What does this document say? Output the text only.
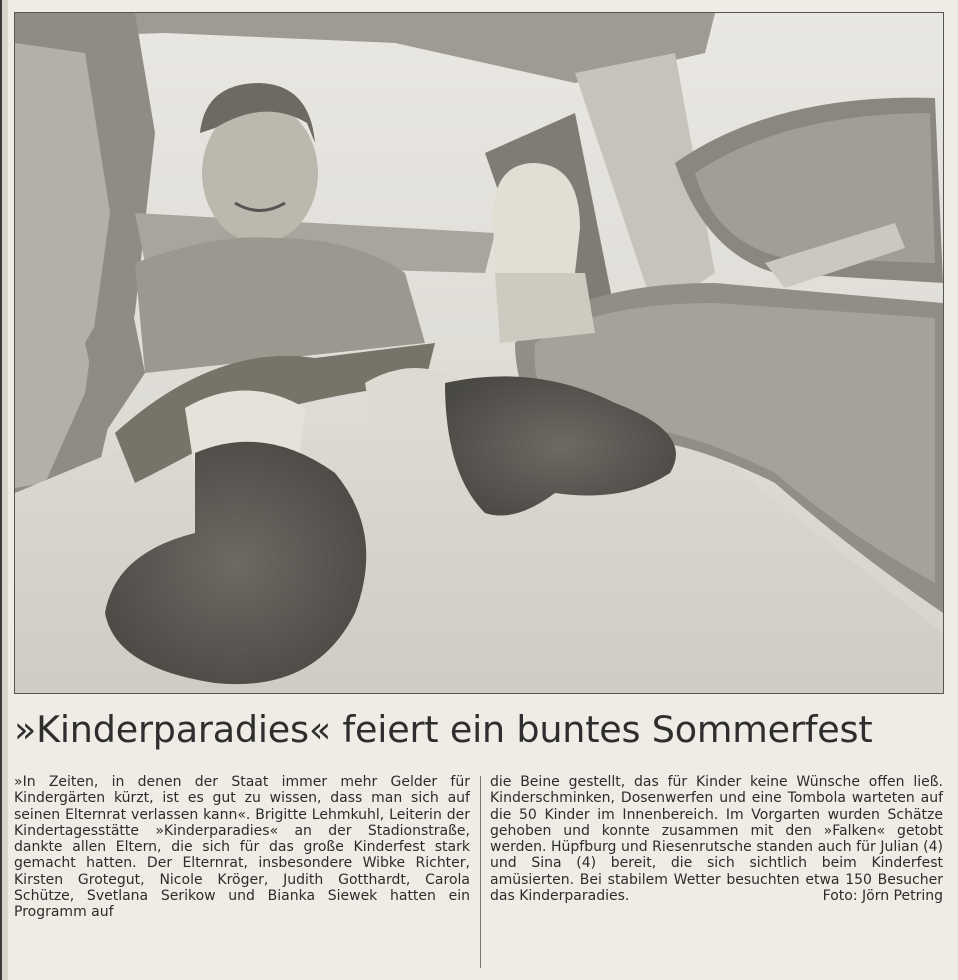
»Kinderparadies« feiert ein buntes Sommerfest
»In Zeiten, in denen der Staat immer mehr Gelder für Kindergärten kürzt, ist es gut zu wissen, dass man sich auf seinen Elternrat verlassen kann«. Brigitte Lehmkuhl, Leiterin der Kindertagesstätte »Kinderparadies« an der Stadionstraße, dankte allen Eltern, die sich für das große Kinderfest stark gemacht hatten. Der Elternrat, insbesondere Wibke Richter, Kirsten Grotegut, Nicole Kröger, Judith Gotthardt, Carola Schütze, Svetlana Serikow und Bianka Siewek hatten ein Programm auf
die Beine gestellt, das für Kinder keine Wünsche offen ließ. Kinderschminken, Dosenwerfen und eine Tombola warteten auf die 50 Kinder im Innenbereich. Im Vorgarten wurden Schätze gehoben und konnte zusammen mit den »Falken« getobt werden. Hüpfburg und Riesenrutsche standen auch für Julian (4) und Sina (4) bereit, die sich sichtlich beim Kinderfest amüsierten. Bei stabilem Wetter besuchten etwa 150 Besucher das Kinderparadies.	Foto: Jörn Petring
